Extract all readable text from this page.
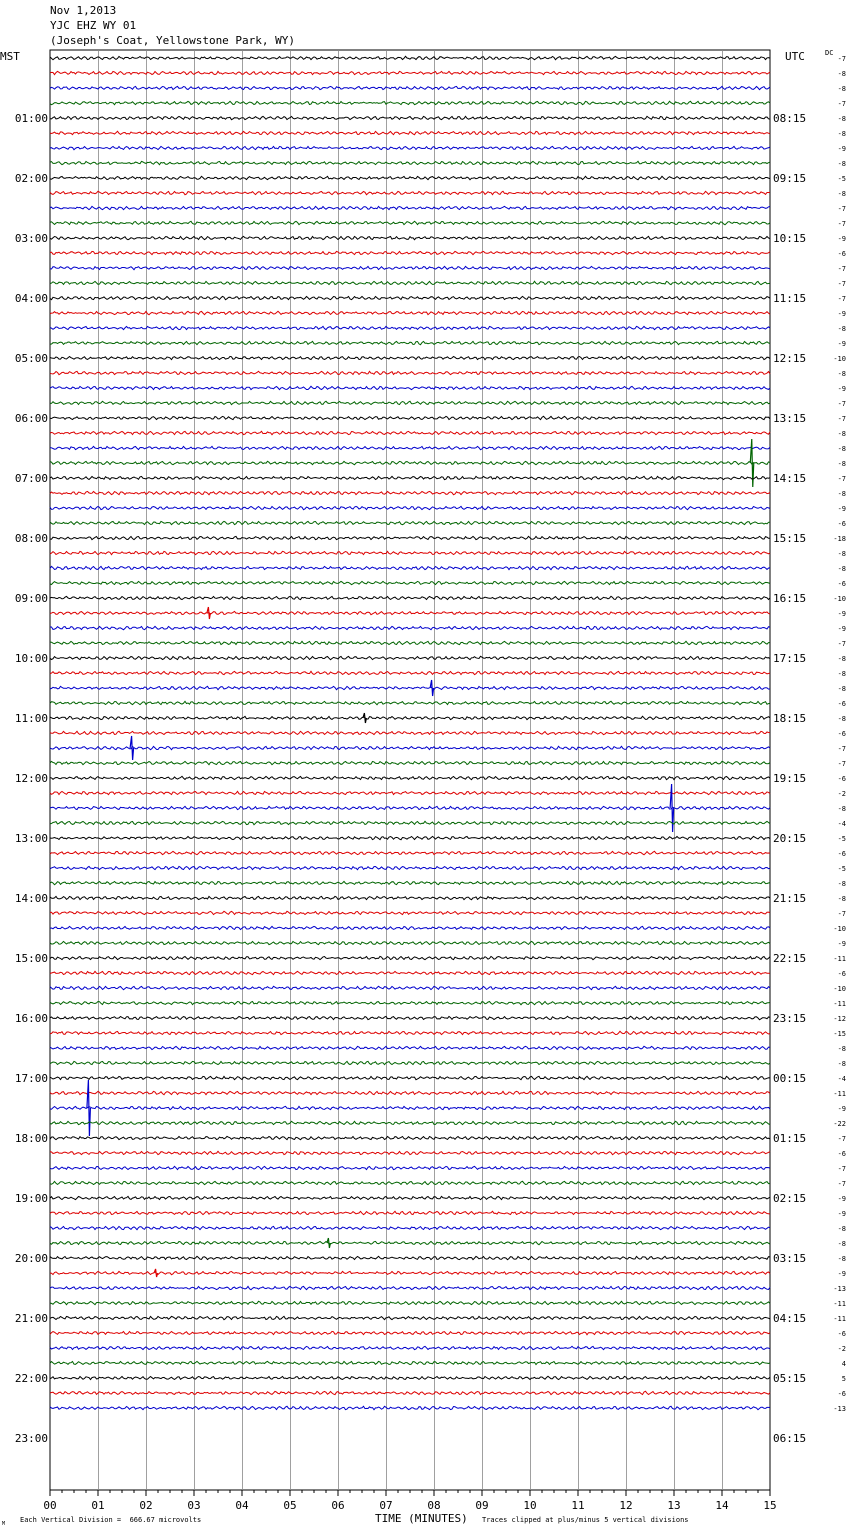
Nov 1,2013
YJC EHZ WY 01
(Joseph's Coat, Yellowstone Park, WY)
MST	UTC	DC
-7
-8
-8
-7
-8
-8
-9
-8
-5
-8
-7
-7
-9
-6
-7
-7
-7
-9
-8
-9
-10
-8
-9
-7
-7
-8
-8
-8
-7
-8
-9
-6
-18
-8
-8
-6
-10
-9
-9
-7
-8
-8
-8
-6
-8
-6
-7
-7
-6
-2
-8
-4
-5
-6
-5
-8
-8
-7
-10
-9
-11
-6
-10
-11
-12
-15
-8
-8
-4
-11
-9
-22
-7
-6
-7
-7
-9
-9
-8
-8
-8
-9
-13
-11
-11
-6
-2
4
5
-6
-13
01:00	08:15
02:00	09:15
03:00	10:15
04:00	11:15
05:00	12:15
06:00	13:15
07:00	14:15
08:00	15:15
09:00	16:15
10:00	17:15
11:00	18:15
12:00	19:15
13:00	20:15
14:00	21:15
15:00	22:15
16:00	23:15
17:00	00:15
18:00	01:15
19:00	02:15
20:00	03:15
21:00	04:15
22:00	05:15
23:00	06:15
00	01	02	03	04	05	06	07	08	09	10	11	12	13	14	15
TIME (MINUTES)
Each Vertical Division =  666.67 microvolts	Traces clipped at plus/minus 5 vertical divisions
M
